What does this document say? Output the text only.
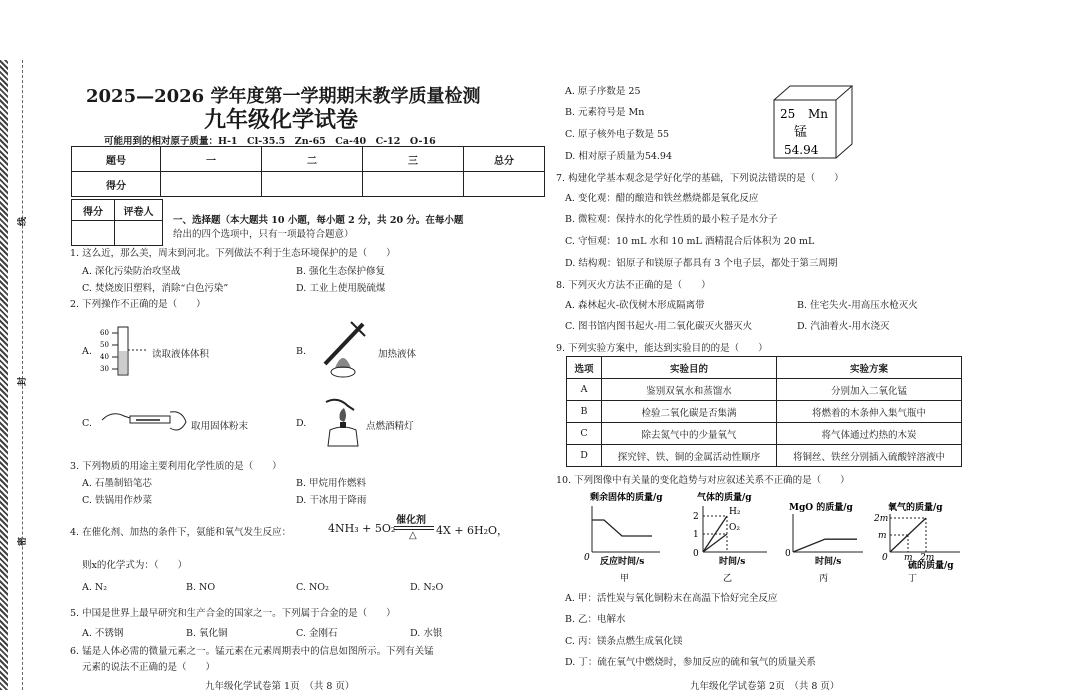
线
封
密
2025—2026 学年度第一学期期末教学质量检测
九年级化学试卷
可能用到的相对原子质量：H-1　Cl-35.5　Zn-65　Ca-40　C-12　O-16
题号	一	二	三	总分
得分				
得分	评卷人

一、选择题（本大题共 10 小题，每小题 2 分，共 20 分。在每小题
给出的四个选项中，只有一项最符合题意）
1. 这么近，那么美，周末到河北。下列做法不利于生态环境保护的是（　　）
A. 深化污染防治攻坚战	B. 强化生态保护修复
C. 焚烧废旧塑料，消除“白色污染”	D. 工业上使用脱硫煤
2. 下列操作不正确的是（　　）
A.
60
50
40
30
读取液体体积	B.	加热液体
C.	取用固体粉末	D.	点燃酒精灯
3. 下列物质的用途主要利用化学性质的是（　　）
A. 石墨制铅笔芯	B. 甲烷用作燃料
C. 铁锅用作炒菜	D. 干冰用于降雨
4. 在催化剂、加热的条件下，氨能和氧气发生反应：	4NH₃ + 5O₂
催化剂
△ 4X + 6H₂O，
则x的化学式为：（　　）
A. N₂	B. NO	C. NO₂	D. N₂O
5. 中国是世界上最早研究和生产合金的国家之一。下列属于合金的是（　　）
A. 不锈钢	B. 氧化铜	C. 金刚石	D. 水银
6. 锰是人体必需的微量元素之一。锰元素在元素周期表中的信息如图所示。下列有关锰
元素的说法不正确的是（　　）
九年级化学试卷第 1页　（共 8 页）
A. 原子序数是 25
B. 元素符号是 Mn
C. 原子核外电子数是 55
D. 相对原子质量为54.94
25 Mn
锰
54.94
7. 构建化学基本观念是学好化学的基础，下列说法错误的是（　　）
A. 变化观：醋的酿造和铁丝燃烧都是氧化反应
B. 微粒观：保持水的化学性质的最小粒子是水分子
C. 守恒观：10 mL 水和 10 mL 酒精混合后体积为 20 mL
D. 结构观：铝原子和镁原子都具有 3 个电子层，都处于第三周期
8. 下列灭火方法不正确的是（　　）
A. 森林起火-砍伐树木形成隔离带	B. 住宅失火-用高压水枪灭火
C. 图书馆内图书起火-用二氧化碳灭火器灭火	D. 汽油着火-用水浇灭
9. 下列实验方案中，能达到实验目的的是（　　）
选项	实验目的	实验方案
A	鉴别双氧水和蒸馏水	分别加入二氧化锰
B	检验二氧化碳是否集满	将燃着的木条伸入集气瓶中
C	除去氮气中的少量氧气	将气体通过灼热的木炭
D	探究锌、铁、铜的金属活动性顺序	将铜丝、铁丝分别插入硫酸锌溶液中
10. 下列图像中有关量的变化趋势与对应叙述关系不正确的是（　　）
剩余固体的质量/g
0 反应时间/s
甲
气体的质量/g
2
1
0
H₂
O₂
时间/s
乙
MgO 的质量/g
0
时间/s
丙
氧气的质量/g
2m
m
0 m 2m
硫的质量/g
丁
A. 甲：活性炭与氧化铜粉末在高温下恰好完全反应
B. 乙：电解水
C. 丙：镁条点燃生成氧化镁
D. 丁：硫在氧气中燃烧时，参加反应的硫和氧气的质量关系
九年级化学试卷第 2页　（共 8 页）
